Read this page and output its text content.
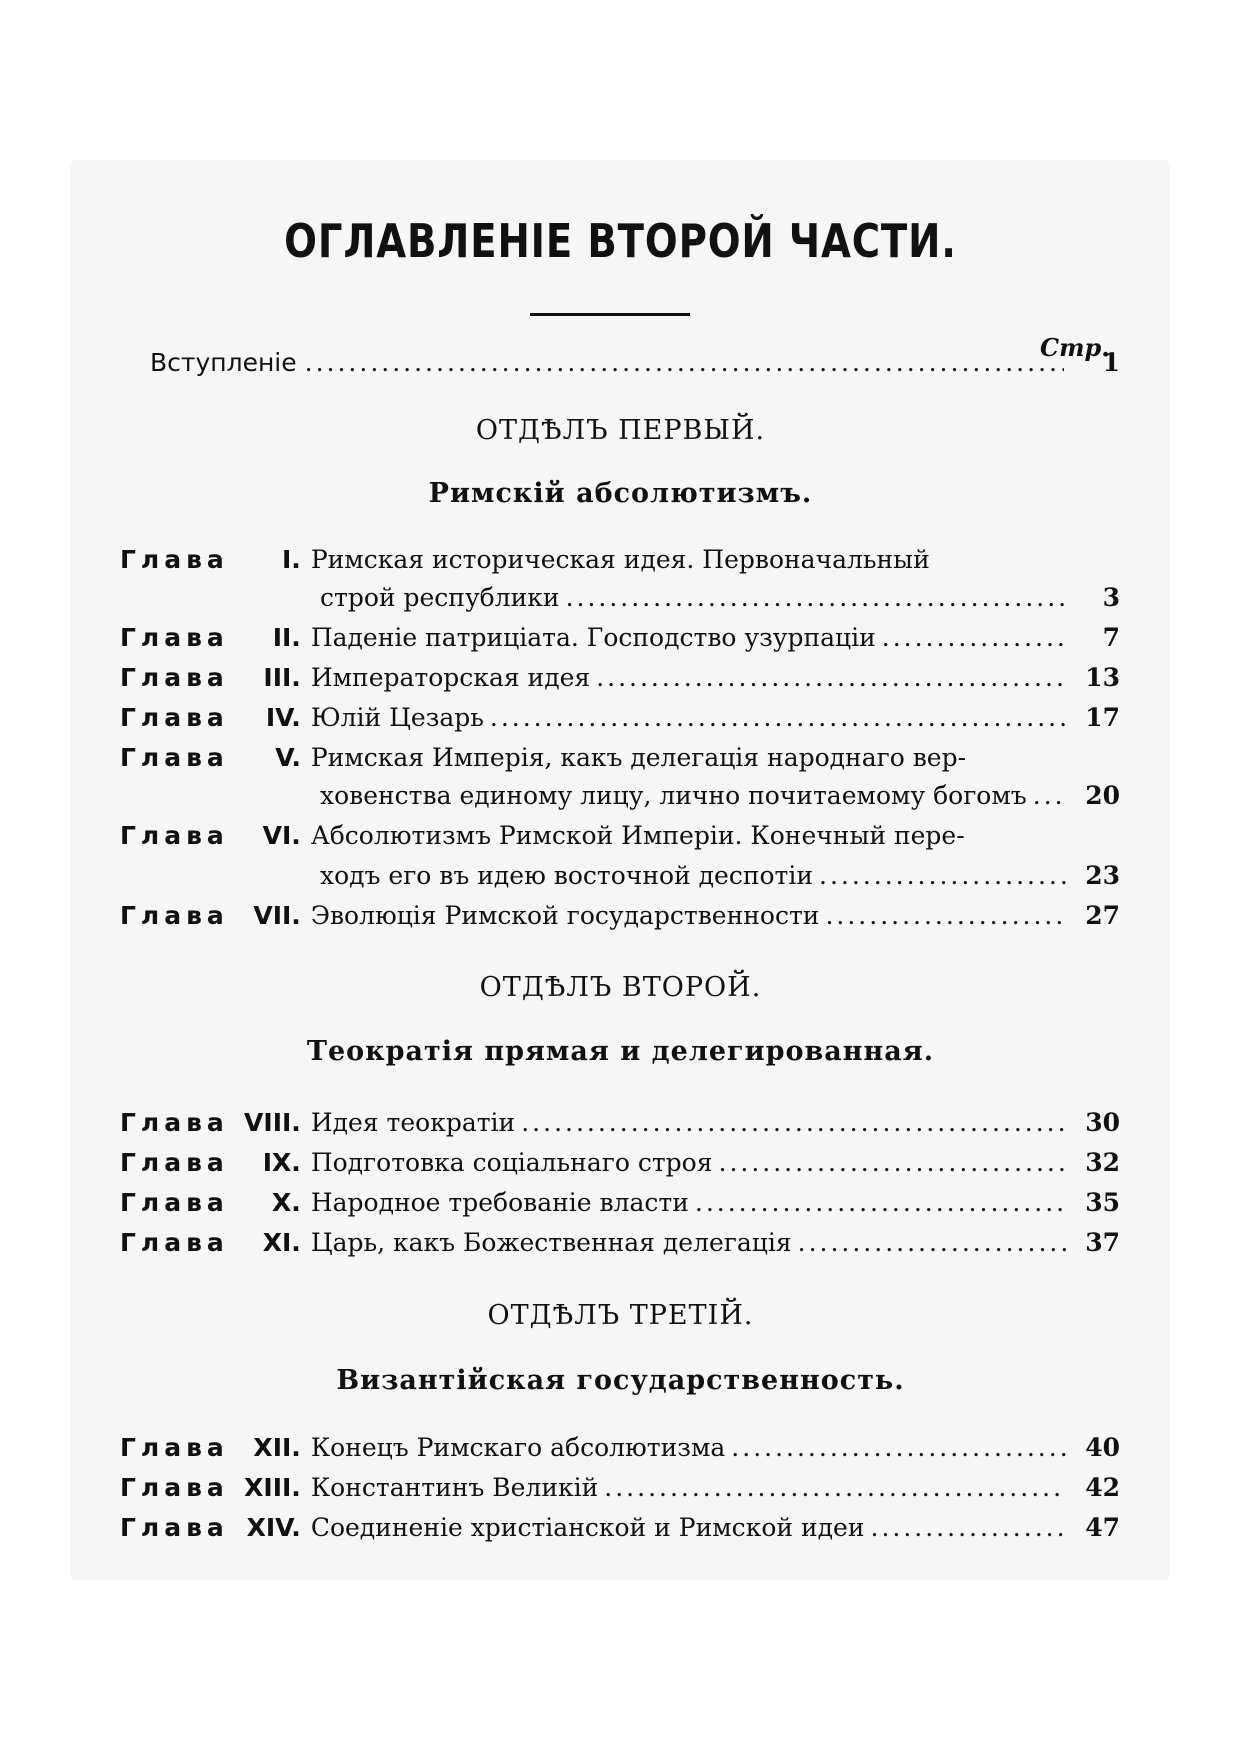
ОГЛАВЛЕНIЕ ВТОРОЙ ЧАСТИ.
Стр.
Вступленiе .....	1
ОТДѢЛЪ ПЕРВЫЙ.
Римскiй абсолютизмъ.
Глава	I. Римская историческая идея. Первоначальный
строй республики .....	3
Глава	II. Паденiе патрицiата. Господство узурпацiи .....	7
Глава	III. Императорская идея .....	13
Глава	IV. Юлiй Цезарь .....	17
Глава	V. Римская Имперiя, какъ делегацiя народнаго вер-
ховенства единому лицу, лично почитаемому богомъ .....	20
Глава	VI. Абсолютизмъ Римской Имперiи. Конечный пере-
ходъ его въ идею восточной деспотiи .....	23
Глава VII. Эволюцiя Римской государственности .....	27
ОТДѢЛЪ ВТОРОЙ.
Теократiя прямая и делегированная.
Глава VIII. Идея теократiи .....	30
Глава	IX. Подготовка соцiальнаго строя .....	32
Глава	X. Народное требованiе власти .....	35
Глава	XI. Царь, какъ Божественная делегацiя .....	37
ОТДѢЛЪ ТРЕТIЙ.
Византiйская государственность.
Глава XII. Конецъ Римскаго абсолютизма .....	40
Глава XIII. Константинъ Великiй .....	42
Глава XIV. Соединенiе христiанской и Римской идеи .....	47
